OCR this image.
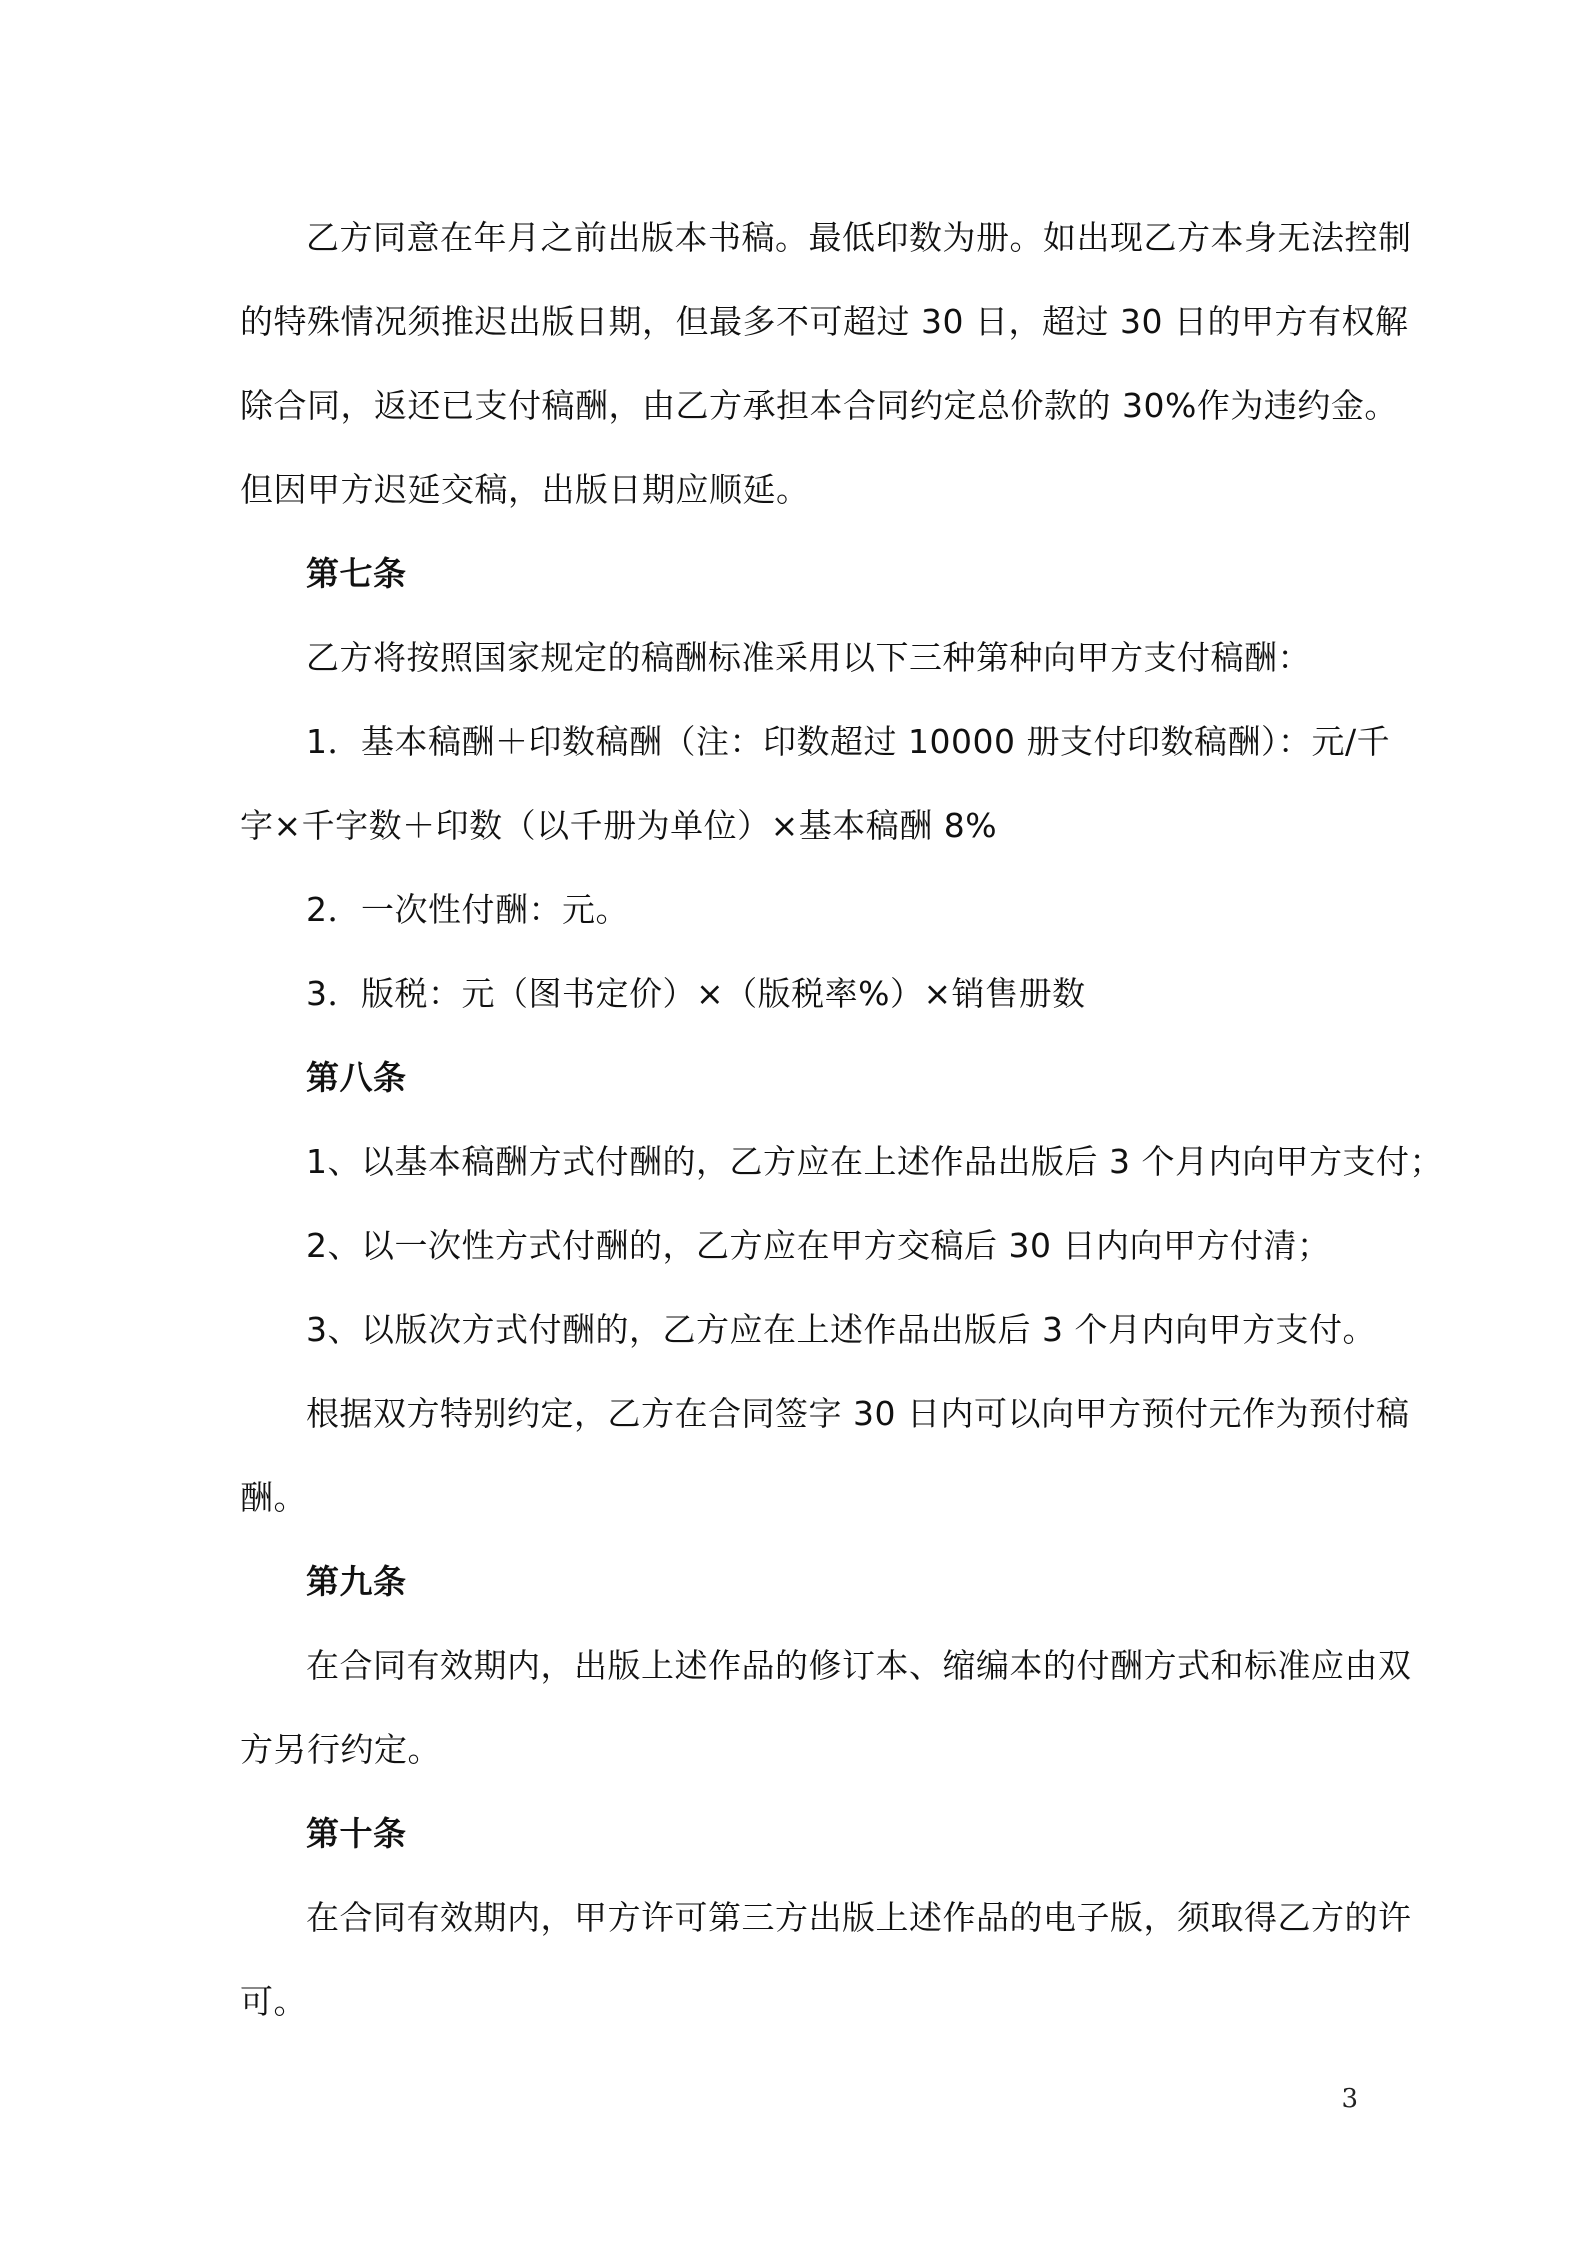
乙方同意在年月之前出版本书稿。最低印数为册。如出现乙方本身无法控制
的特殊情况须推迟出版日期，但最多不可超过 30 日，超过 30 日的甲方有权解
除合同，返还已支付稿酬，由乙方承担本合同约定总价款的 30%作为违约金。
但因甲方迟延交稿，出版日期应顺延。
第七条
乙方将按照国家规定的稿酬标准采用以下三种第种向甲方支付稿酬：
1．基本稿酬＋印数稿酬（注：印数超过 10000 册支付印数稿酬）：元/千
字×千字数＋印数（以千册为单位）×基本稿酬 8%
2．一次性付酬：元。
3．版税：元（图书定价）×（版税率%）×销售册数
第八条
1、以基本稿酬方式付酬的，乙方应在上述作品出版后 3 个月内向甲方支付；
2、以一次性方式付酬的，乙方应在甲方交稿后 30 日内向甲方付清；
3、以版次方式付酬的，乙方应在上述作品出版后 3 个月内向甲方支付。
根据双方特别约定，乙方在合同签字 30 日内可以向甲方预付元作为预付稿
酬。
第九条
在合同有效期内，出版上述作品的修订本、缩编本的付酬方式和标准应由双
方另行约定。
第十条
在合同有效期内，甲方许可第三方出版上述作品的电子版，须取得乙方的许
可。
3
